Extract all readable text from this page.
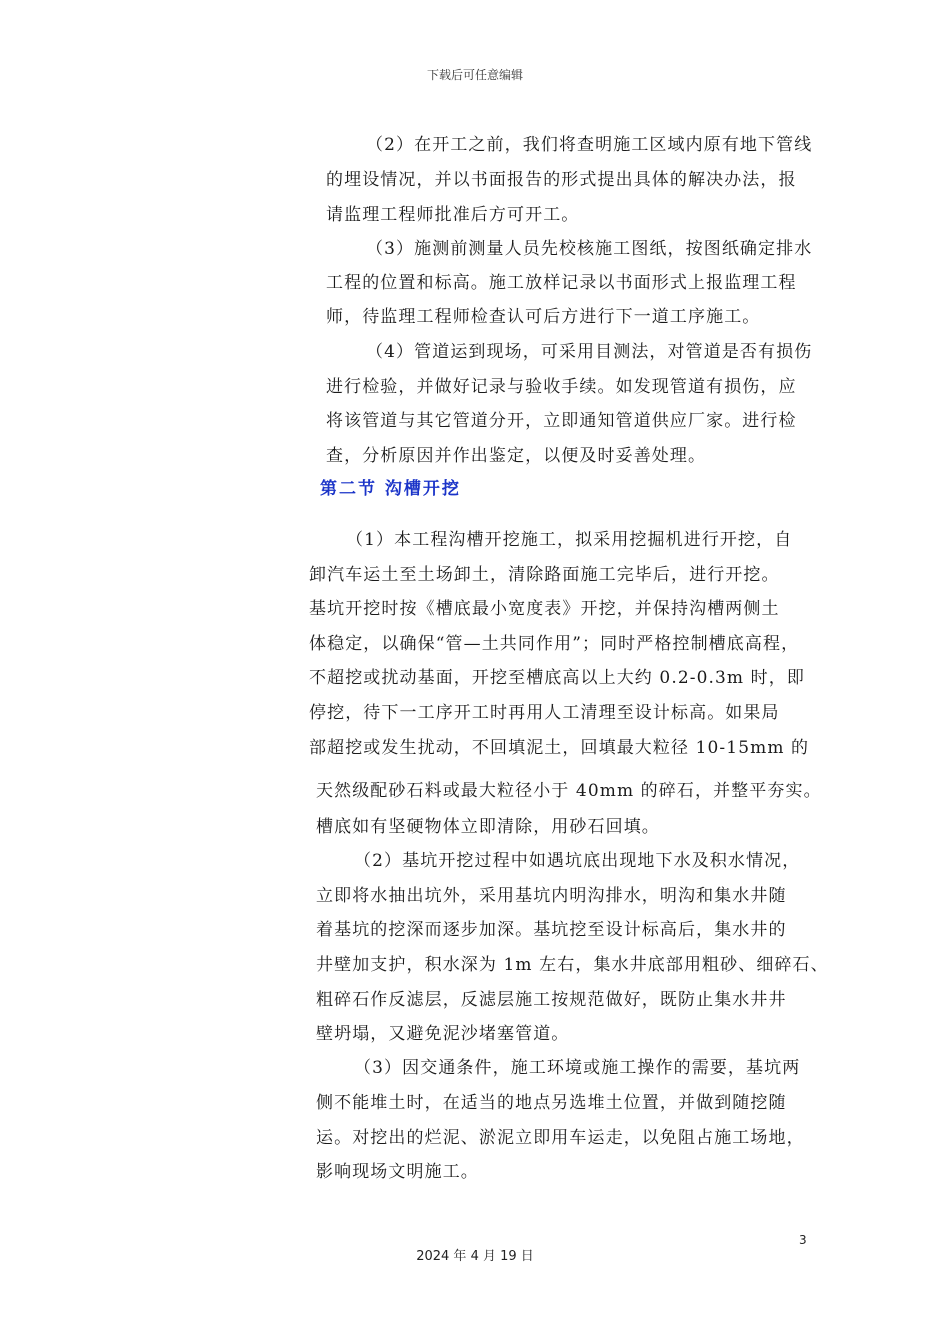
下载后可任意编辑
（2）在开工之前，我们将查明施工区域内原有地下管线
的埋设情况，并以书面报告的形式提出具体的解决办法，报
请监理工程师批准后方可开工。
（3）施测前测量人员先校核施工图纸，按图纸确定排水
工程的位置和标高。施工放样记录以书面形式上报监理工程
师，待监理工程师检查认可后方进行下一道工序施工。
（4）管道运到现场，可采用目测法，对管道是否有损伤
进行检验，并做好记录与验收手续。如发现管道有损伤，应
将该管道与其它管道分开，立即通知管道供应厂家。进行检
查，分析原因并作出鉴定，以便及时妥善处理。
第二节 沟槽开挖
（1）本工程沟槽开挖施工，拟采用挖掘机进行开挖，自
卸汽车运土至土场卸土，清除路面施工完毕后，进行开挖。
基坑开挖时按《槽底最小宽度表》开挖，并保持沟槽两侧土
体稳定，以确保“管—土共同作用”；同时严格控制槽底高程，
不超挖或扰动基面，开挖至槽底高以上大约 0.2-0.3m 时，即
停挖，待下一工序开工时再用人工清理至设计标高。如果局
部超挖或发生扰动，不回填泥土，回填最大粒径 10-15mm 的
天然级配砂石料或最大粒径小于 40mm 的碎石，并整平夯实。
槽底如有坚硬物体立即清除，用砂石回填。
（2）基坑开挖过程中如遇坑底出现地下水及积水情况，
立即将水抽出坑外，采用基坑内明沟排水，明沟和集水井随
着基坑的挖深而逐步加深。基坑挖至设计标高后，集水井的
井壁加支护，积水深为 1m 左右，集水井底部用粗砂、细碎石、
粗碎石作反滤层，反滤层施工按规范做好，既防止集水井井
壁坍塌，又避免泥沙堵塞管道。
（3）因交通条件，施工环境或施工操作的需要，基坑两
侧不能堆土时，在适当的地点另选堆土位置，并做到随挖随
运。对挖出的烂泥、淤泥立即用车运走，以免阻占施工场地，
影响现场文明施工。
3
2024 年 4 月 19 日
